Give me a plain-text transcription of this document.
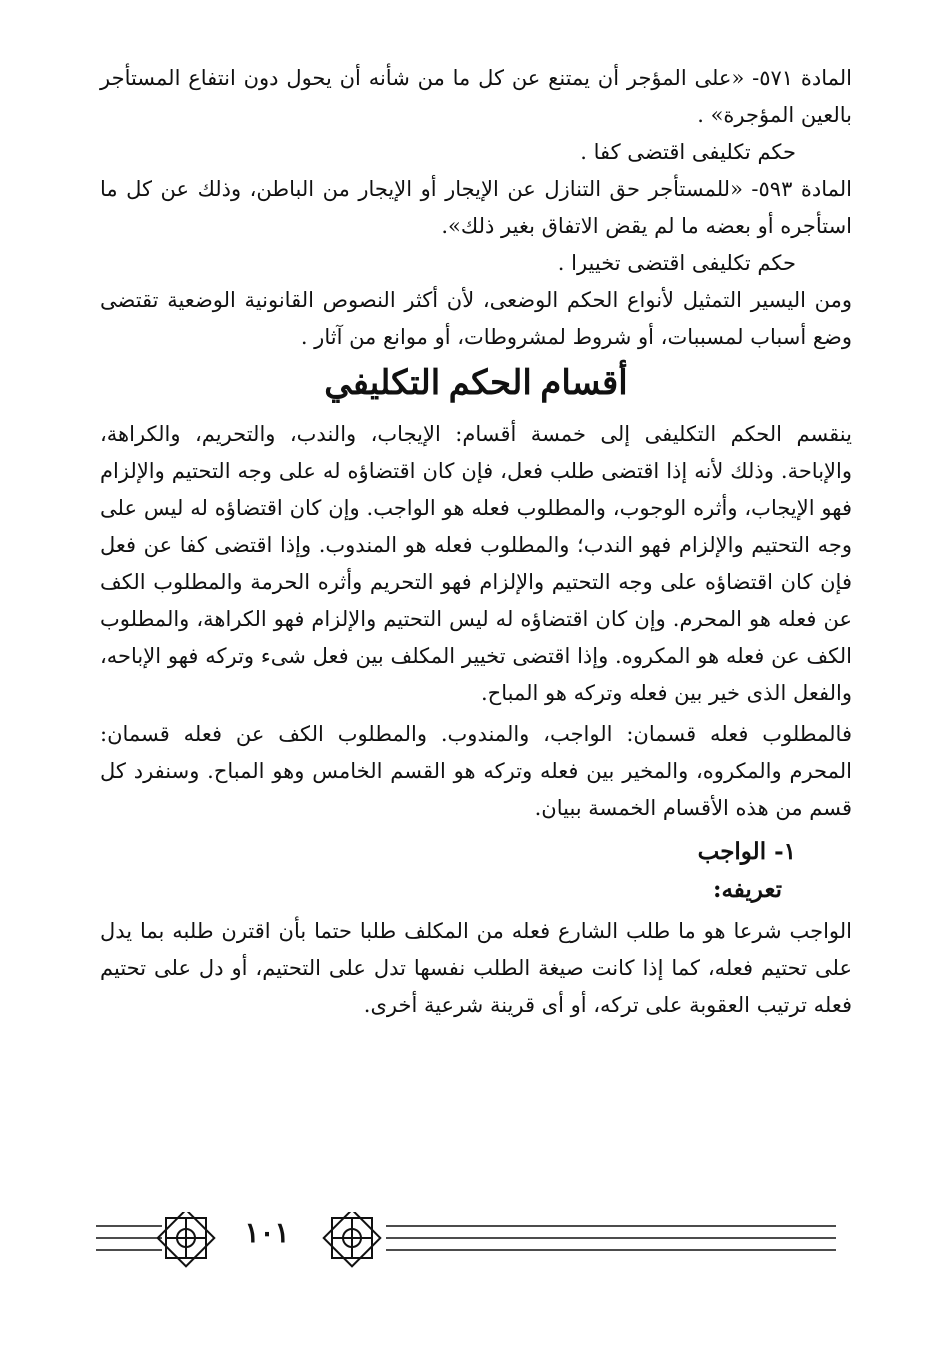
المادة ٥٧١- «على المؤجر أن يمتنع عن كل ما من شأنه أن يحول دون انتفاع المستأجر بالعين المؤجرة» .

حكم تكليفى اقتضى كفا .

المادة ٥٩٣- «للمستأجر حق التنازل عن الإيجار أو الإيجار من الباطن، وذلك عن كل ما استأجره أو بعضه ما لم يقض الاتفاق بغير ذلك».

حكم تكليفى اقتضى تخييرا .

ومن اليسير التمثيل لأنواع الحكم الوضعى، لأن أكثر النصوص القانونية الوضعية تقتضى وضع أسباب لمسببات، أو شروط لمشروطات، أو موانع من آثار .

أقسام الحكم التكليفي

ينقسم الحكم التكليفى إلى خمسة أقسام: الإيجاب، والندب، والتحريم، والكراهة، والإباحة. وذلك لأنه إذا اقتضى طلب فعل، فإن كان اقتضاؤه له على وجه التحتيم والإلزام فهو الإيجاب، وأثره الوجوب، والمطلوب فعله هو الواجب. وإن كان اقتضاؤه له ليس على وجه التحتيم والإلزام فهو الندب؛ والمطلوب فعله هو المندوب. وإذا اقتضى كفا عن فعل فإن كان اقتضاؤه على وجه التحتيم والإلزام فهو التحريم وأثره الحرمة والمطلوب الكف عن فعله هو المحرم. وإن كان اقتضاؤه له ليس التحتيم والإلزام فهو الكراهة، والمطلوب الكف عن فعله هو المكروه. وإذا اقتضى تخيير المكلف بين فعل شىء وتركه فهو الإباحه، والفعل الذى خير بين فعله وتركه هو المباح.

فالمطلوب فعله قسمان: الواجب، والمندوب. والمطلوب الكف عن فعله قسمان: المحرم والمكروه، والمخير بين فعله وتركه هو القسم الخامس وهو المباح. وسنفرد كل قسم من هذه الأقسام الخمسة ببيان.

١- الواجب

تعريفه:

الواجب شرعا هو ما طلب الشارع فعله من المكلف طلبا حتما بأن اقترن طلبه بما يدل على تحتيم فعله، كما إذا كانت صيغة الطلب نفسها تدل على التحتيم، أو دل على تحتيم فعله ترتيب العقوبة على تركه، أو أى قرينة شرعية أخرى.

١٠١
